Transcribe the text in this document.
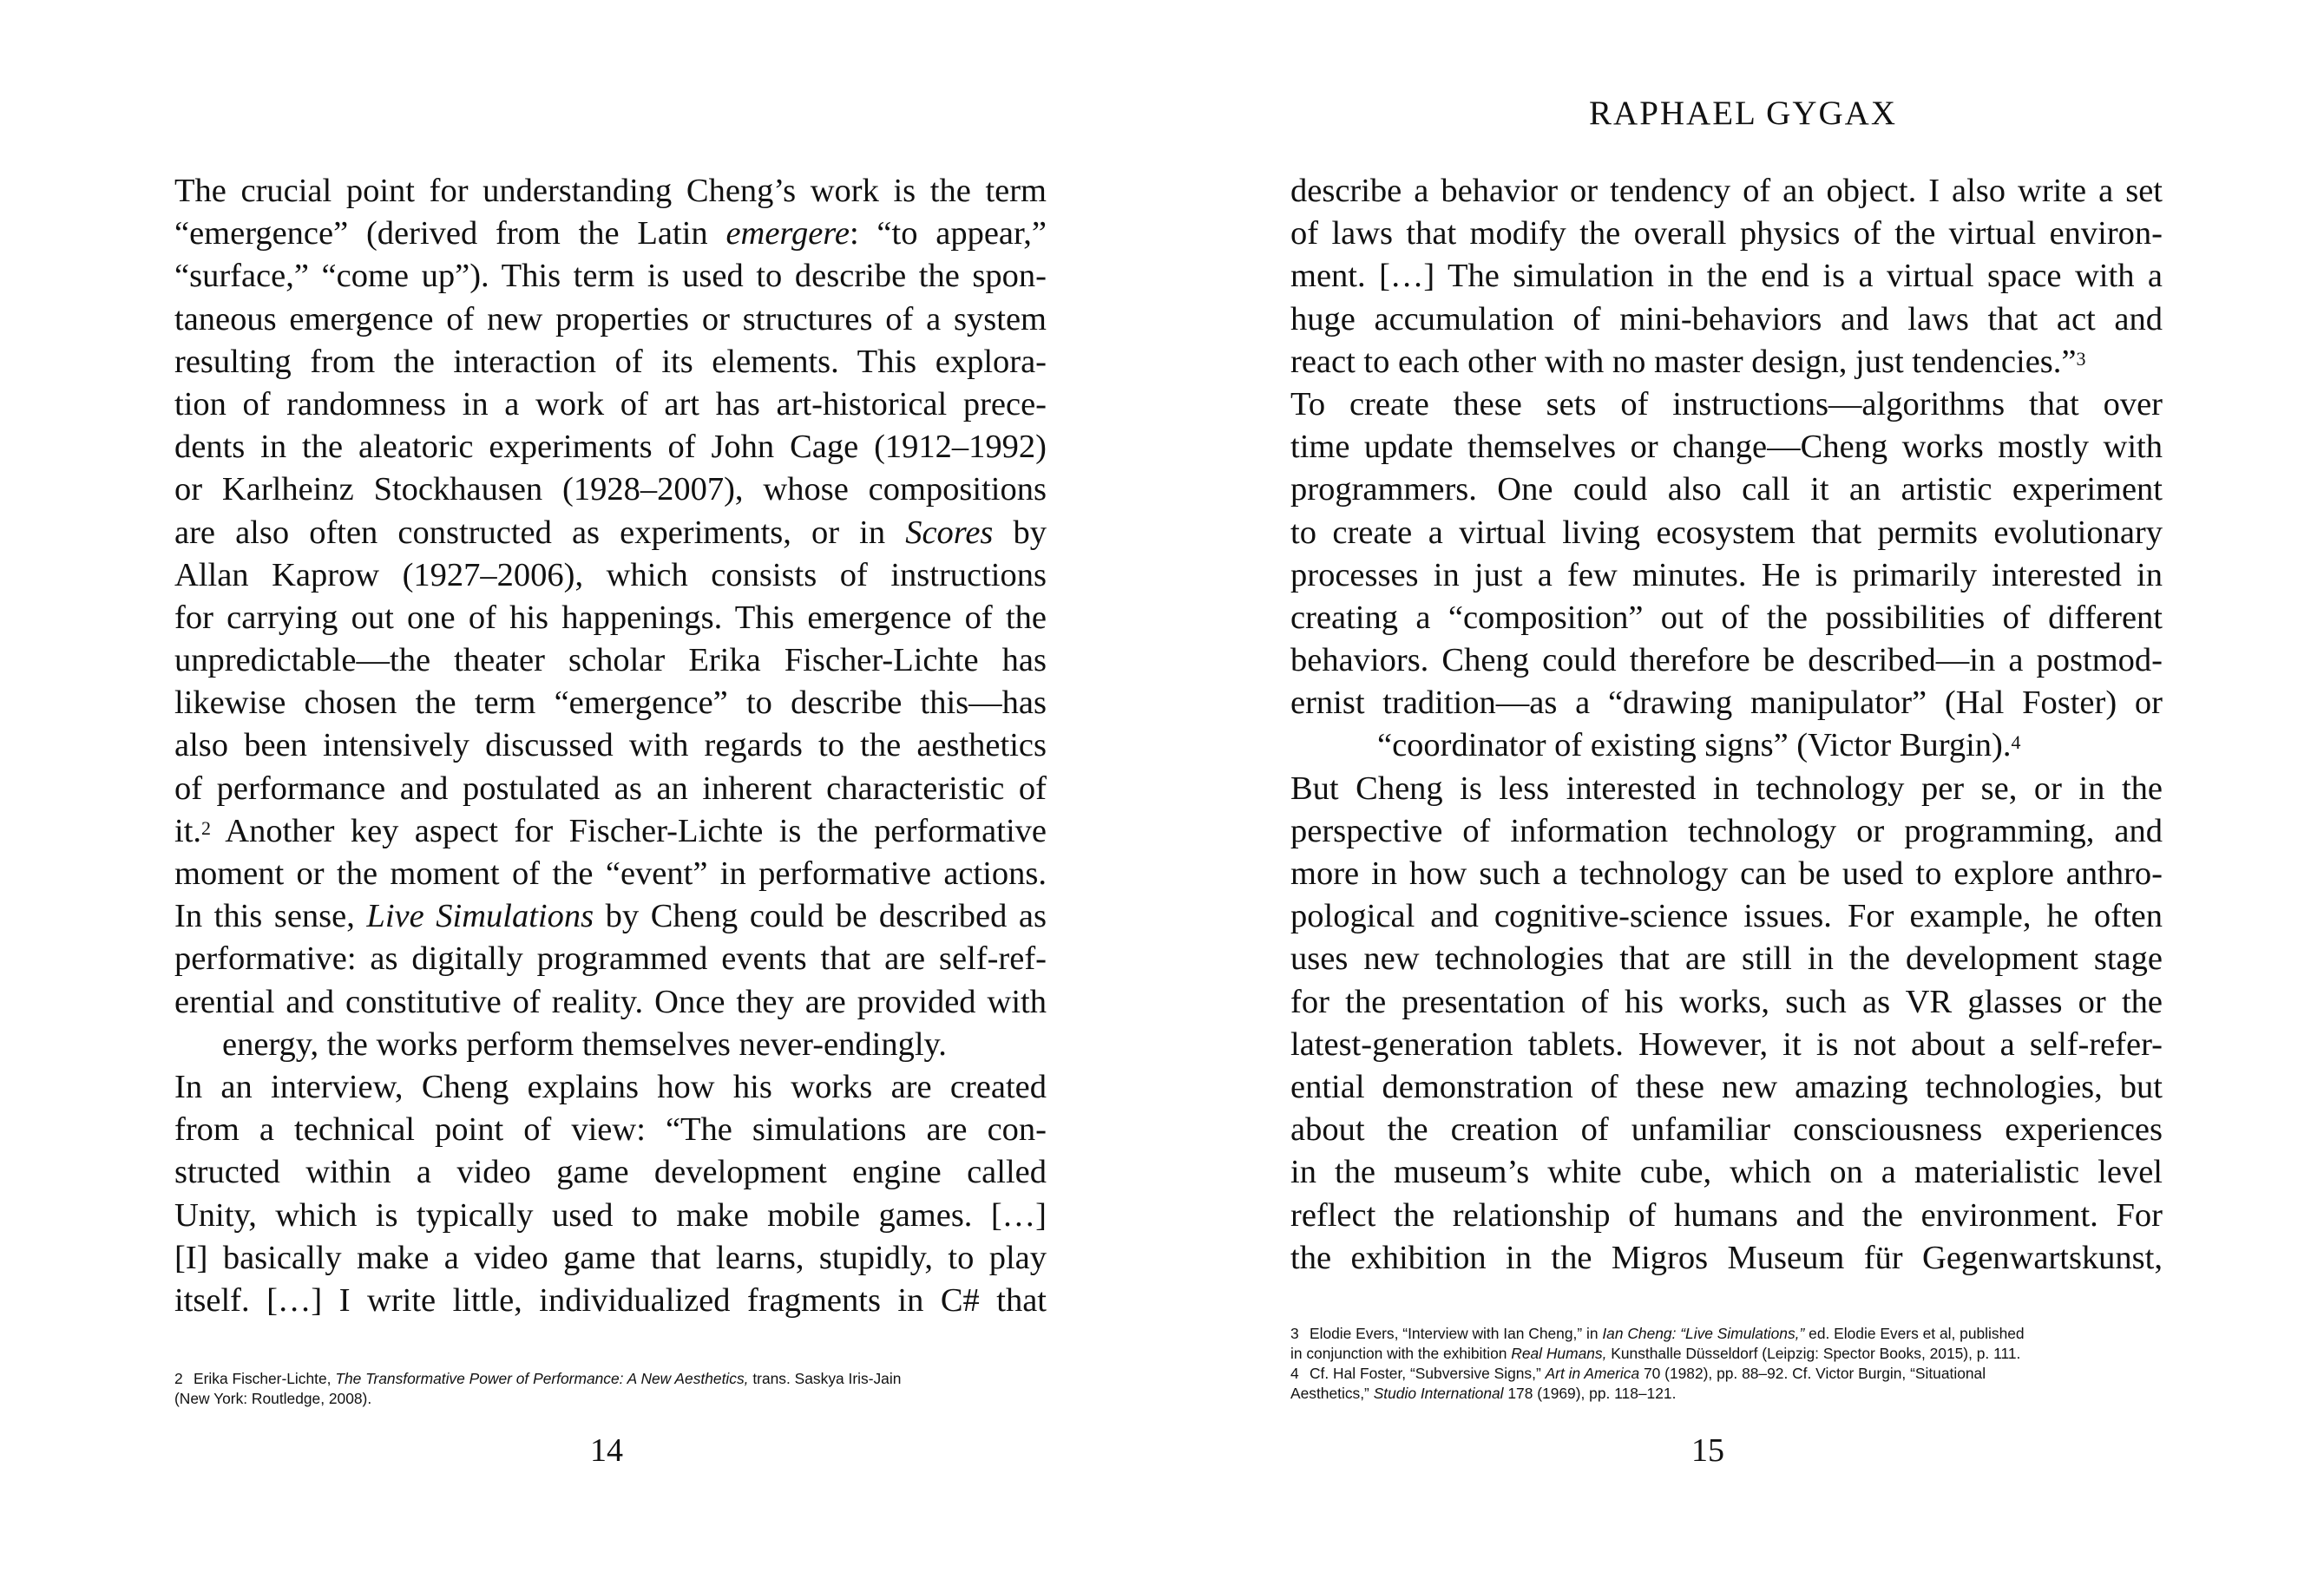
The crucial point for understanding Cheng’s work is the term
“emergence” (derived from the Latin emergere: “to appear,”
“surface,” “come up”). This term is used to describe the spon-
taneous emergence of new properties or structures of a system
resulting from the interaction of its elements. This explora-
tion of randomness in a work of art has art-historical prece-
dents in the aleatoric experiments of John Cage (1912–1992)
or Karlheinz Stockhausen (1928–2007), whose compositions
are also often constructed as experiments, or in Scores by
Allan Kaprow (1927–2006), which consists of instructions
for carrying out one of his happenings. This emergence of the
unpredictable—the theater scholar Erika Fischer-Lichte has
likewise chosen the term “emergence” to describe this—has
also been intensively discussed with regards to the aesthetics
of performance and postulated as an inherent characteristic of
it.$^2$ Another key aspect for Fischer-Lichte is the performative
moment or the moment of the “event” in performative actions.
In this sense, Live Simulations by Cheng could be described as
performative: as digitally programmed events that are self-ref-
erential and constitutive of reality. Once they are provided with
energy, the works perform themselves never-endingly.
In an interview, Cheng explains how his works are created
from a technical point of view: “The simulations are con-
structed within a video game development engine called
Unity, which is typically used to make mobile games. […]
[I] basically make a video game that learns, stupidly, to play
itself. […] I write little, individualized fragments in C# that
2 Erika Fischer-Lichte, The Transformative Power of Performance: A New Aesthetics, trans. Saskya Iris-Jain
(New York: Routledge, 2008).
14
RAPHAEL GYGAX
describe a behavior or tendency of an object. I also write a set
of laws that modify the overall physics of the virtual environ-
ment. […] The simulation in the end is a virtual space with a
huge accumulation of mini-behaviors and laws that act and
react to each other with no master design, just tendencies.”$^3$
To create these sets of instructions—algorithms that over
time update themselves or change—Cheng works mostly with
programmers. One could also call it an artistic experiment
to create a virtual living ecosystem that permits evolutionary
processes in just a few minutes. He is primarily interested in
creating a “composition” out of the possibilities of different
behaviors. Cheng could therefore be described—in a postmod-
ernist tradition—as a “drawing manipulator” (Hal Foster) or
“coordinator of existing signs” (Victor Burgin).$^4$
But Cheng is less interested in technology per se, or in the
perspective of information technology or programming, and
more in how such a technology can be used to explore anthro-
pological and cognitive-science issues. For example, he often
uses new technologies that are still in the development stage
for the presentation of his works, such as VR glasses or the
latest-generation tablets. However, it is not about a self-refer-
ential demonstration of these new amazing technologies, but
about the creation of unfamiliar consciousness experiences
in the museum’s white cube, which on a materialistic level
reflect the relationship of humans and the environment. For
the exhibition in the Migros Museum für Gegenwartskunst,
3 Elodie Evers, “Interview with Ian Cheng,” in Ian Cheng: “Live Simulations,” ed. Elodie Evers et al, published
in conjunction with the exhibition Real Humans, Kunsthalle Düsseldorf (Leipzig: Spector Books, 2015), p. 111.
4 Cf. Hal Foster, “Subversive Signs,” Art in America 70 (1982), pp. 88–92. Cf. Victor Burgin, “Situational
Aesthetics,” Studio International 178 (1969), pp. 118–121.
15
